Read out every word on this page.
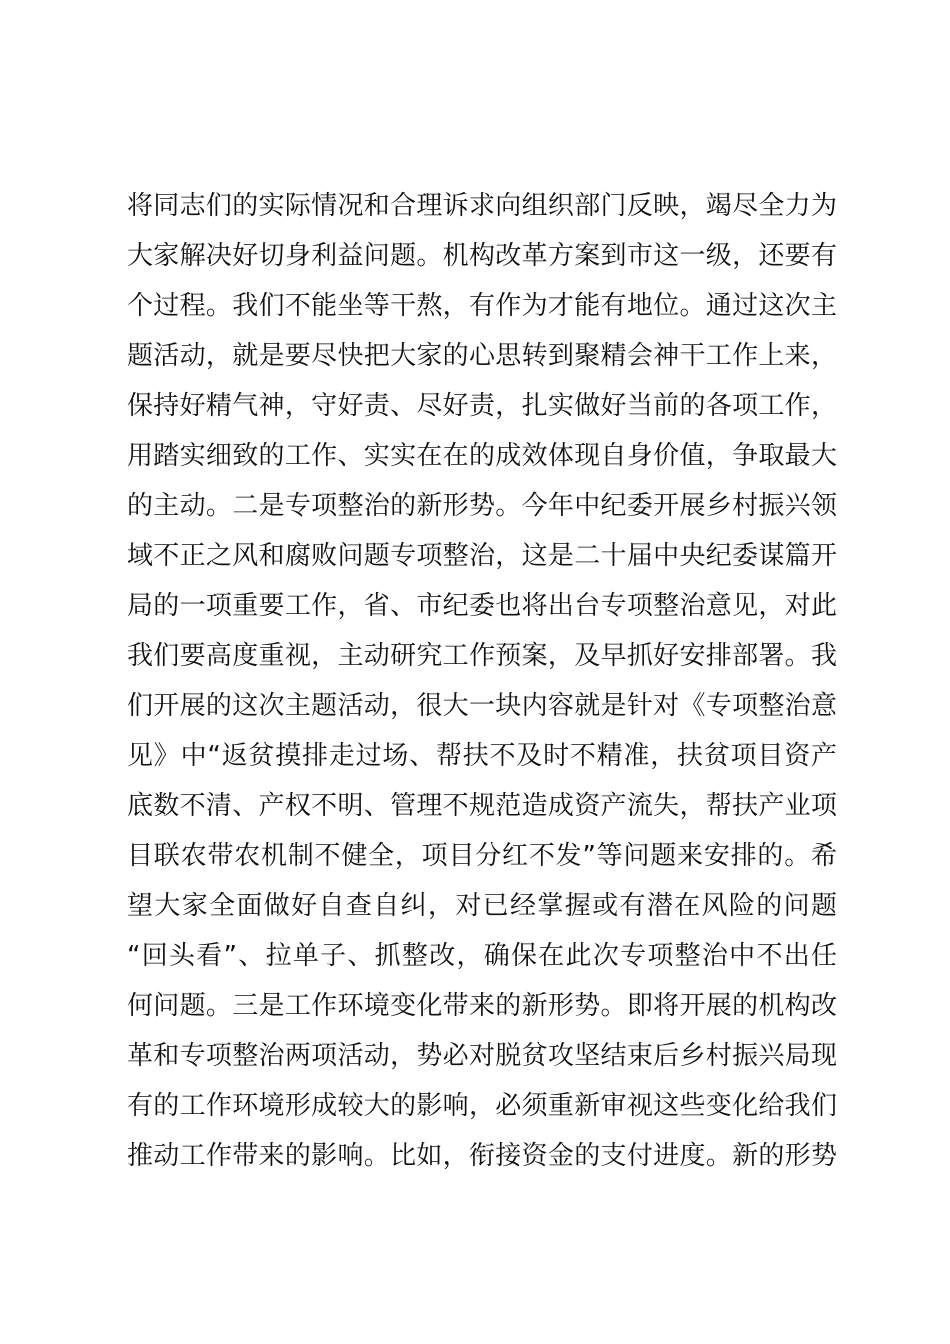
将同志们的实际情况和合理诉求向组织部门反映，竭尽全力为
大家解决好切身利益问题。机构改革方案到市这一级，还要有
个过程。我们不能坐等干熬，有作为才能有地位。通过这次主
题活动，就是要尽快把大家的心思转到聚精会神干工作上来，
保持好精气神，守好责、尽好责，扎实做好当前的各项工作，
用踏实细致的工作、实实在在的成效体现自身价值，争取最大
的主动。二是专项整治的新形势。今年中纪委开展乡村振兴领
域不正之风和腐败问题专项整治，这是二十届中央纪委谋篇开
局的一项重要工作，省、市纪委也将出台专项整治意见，对此
我们要高度重视，主动研究工作预案，及早抓好安排部署。我
们开展的这次主题活动，很大一块内容就是针对《专项整治意
见》中“返贫摸排走过场、帮扶不及时不精准，扶贫项目资产
底数不清、产权不明、管理不规范造成资产流失，帮扶产业项
目联农带农机制不健全，项目分红不发”等问题来安排的。希
望大家全面做好自查自纠，对已经掌握或有潜在风险的问题
“回头看”、拉单子、抓整改，确保在此次专项整治中不出任
何问题。三是工作环境变化带来的新形势。即将开展的机构改
革和专项整治两项活动，势必对脱贫攻坚结束后乡村振兴局现
有的工作环境形成较大的影响，必须重新审视这些变化给我们
推动工作带来的影响。比如，衔接资金的支付进度。新的形势
